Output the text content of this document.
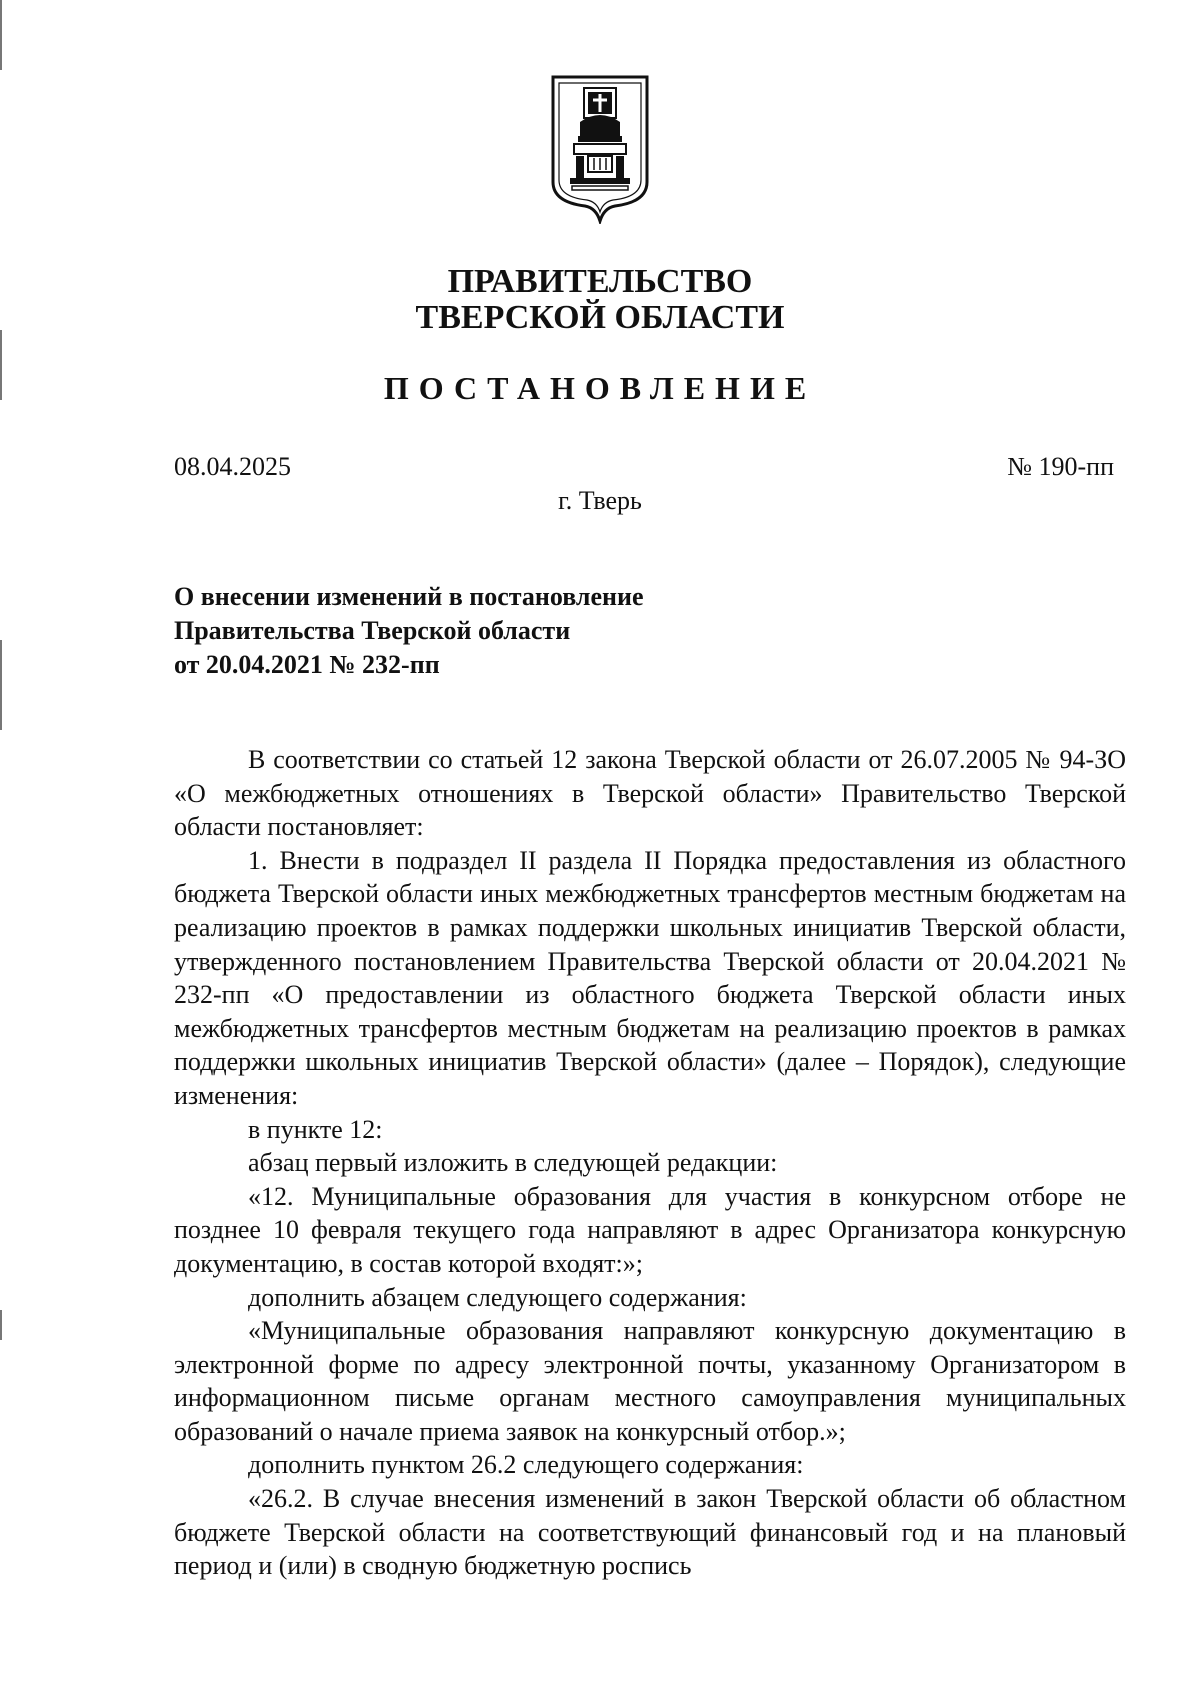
ПРАВИТЕЛЬСТВО
ТВЕРСКОЙ ОБЛАСТИ
ПОСТАНОВЛЕНИЕ
08.04.2025	№ 190-пп
г. Тверь
О внесении изменений в постановление
Правительства Тверской области
от 20.04.2021 № 232-пп

В соответствии со статьей 12 закона Тверской области от 26.07.2005 № 94-ЗО «О межбюджетных отношениях в Тверской области» Правительство Тверской области постановляет:

1. Внести в подраздел II раздела II Порядка предоставления из областного бюджета Тверской области иных межбюджетных трансфертов местным бюджетам на реализацию проектов в рамках поддержки школьных инициатив Тверской области, утвержденного постановлением Правительства Тверской области от 20.04.2021 № 232-пп «О предоставлении из областного бюджета Тверской области иных межбюджетных трансфертов местным бюджетам на реализацию проектов в рамках поддержки школьных инициатив Тверской области» (далее – Порядок), следующие изменения:

в пункте 12:

абзац первый изложить в следующей редакции:

«12. Муниципальные образования для участия в конкурсном отборе не позднее 10 февраля текущего года направляют в адрес Организатора конкурсную документацию, в состав которой входят:»;

дополнить абзацем следующего содержания:

«Муниципальные образования направляют конкурсную документацию в электронной форме по адресу электронной почты, указанному Организатором в информационном письме органам местного самоуправления муниципальных образований о начале приема заявок на конкурсный отбор.»;

дополнить пунктом 26.2 следующего содержания:

«26.2. В случае внесения изменений в закон Тверской области об областном бюджете Тверской области на соответствующий финансовый год и на плановый период и (или) в сводную бюджетную роспись
